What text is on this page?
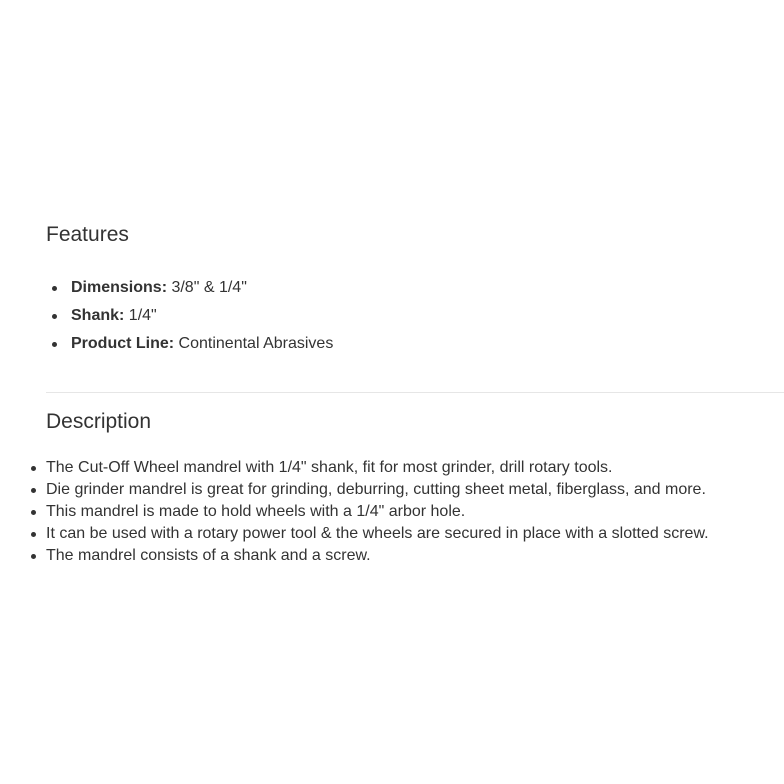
Features
Dimensions: 3/8" & 1/4"
Shank: 1/4"
Product Line: Continental Abrasives
Description
The Cut-Off Wheel mandrel with 1/4" shank, fit for most grinder, drill rotary tools.
Die grinder mandrel is great for grinding, deburring, cutting sheet metal, fiberglass, and more.
This mandrel is made to hold wheels with a 1/4" arbor hole.
It can be used with a rotary power tool & the wheels are secured in place with a slotted screw.
The mandrel consists of a shank and a screw.
